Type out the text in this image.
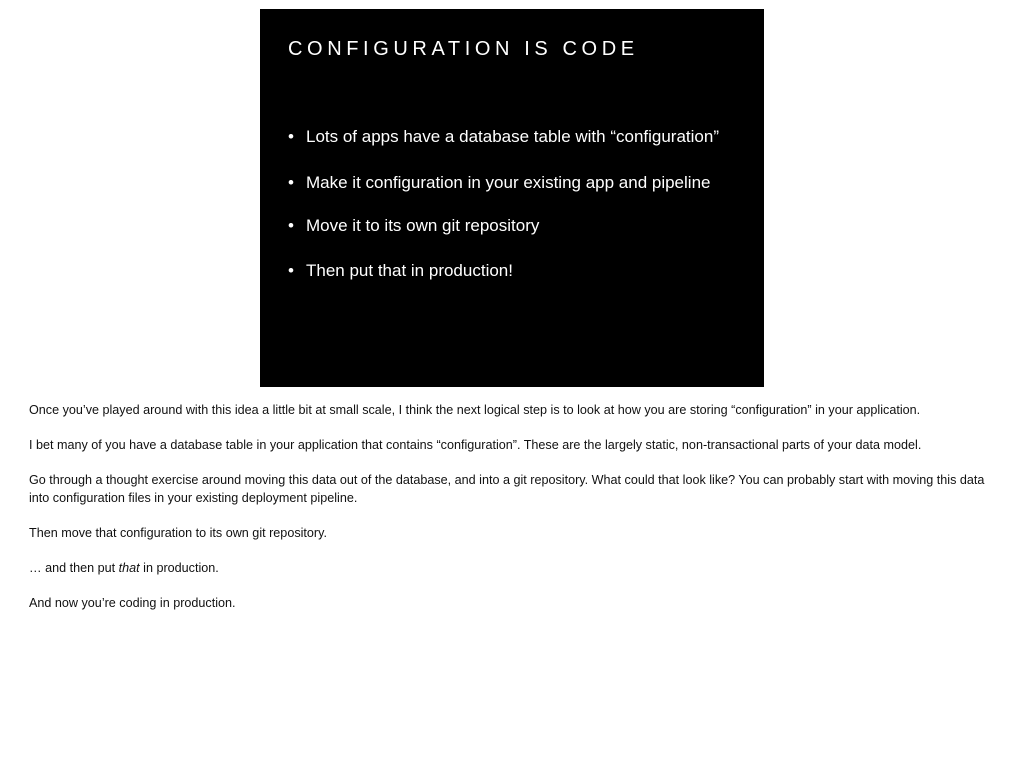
CONFIGURATION IS CODE
• Lots of apps have a database table with “configuration”
• Make it configuration in your existing app and pipeline
• Move it to its own git repository
• Then put that in production!

Once you’ve played around with this idea a little bit at small scale, I think the next logical step is to look at how you are storing “configuration” in your application.

I bet many of you have a database table in your application that contains “configuration”. These are the largely static, non-transactional parts of your data model.

Go through a thought exercise around moving this data out of the database, and into a git repository. What could that look like? You can probably start with moving this data into configuration files in your existing deployment pipeline.

Then move that configuration to its own git repository.

… and then put that in production.

And now you’re coding in production.
